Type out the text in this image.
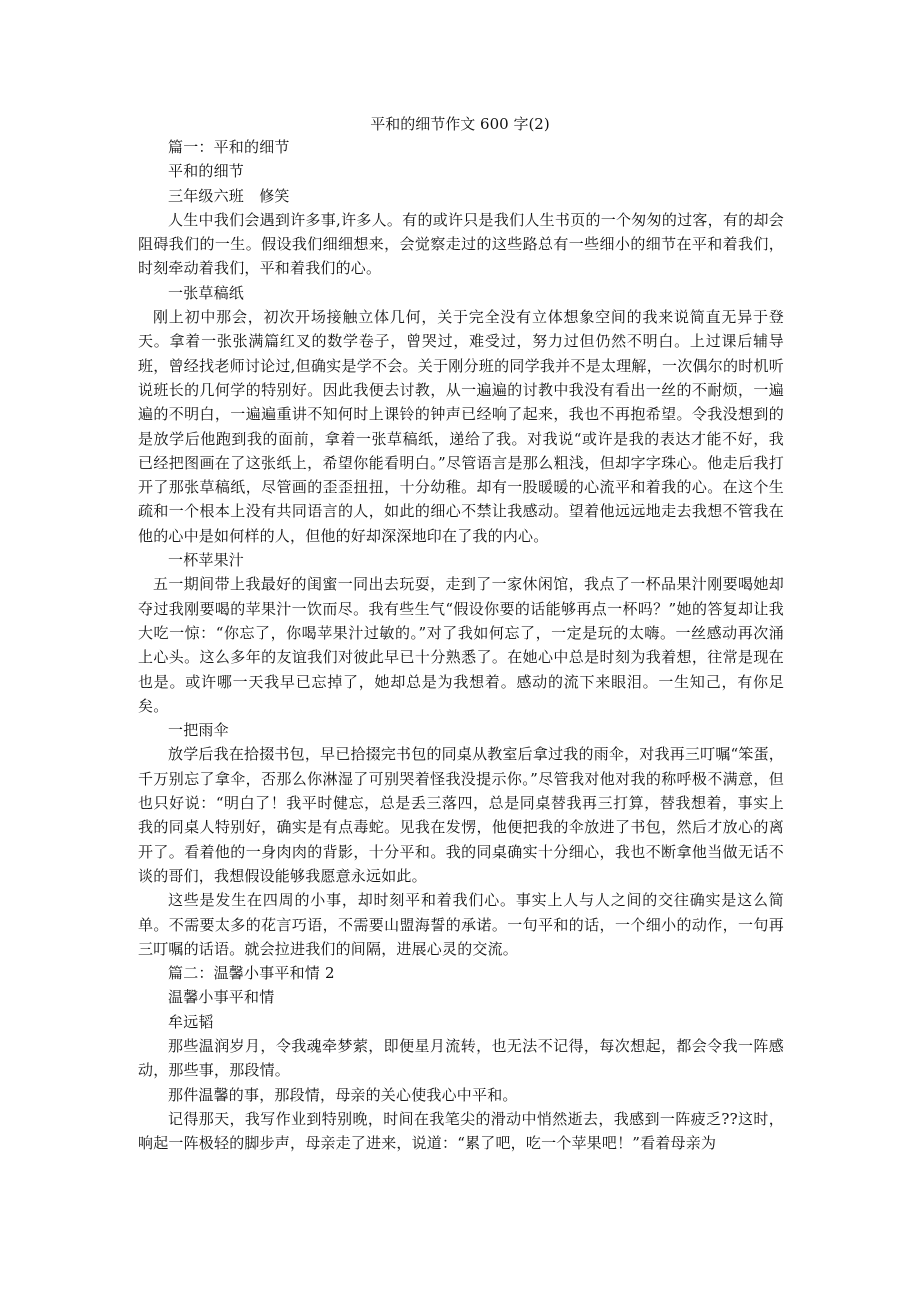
平和的细节作文 600 字(2)

篇一：平和的细节

平和的细节

三年级六班　修笑

人生中我们会遇到许多事,许多人。有的或许只是我们人生书页的一个匆匆的过客，有的却会阻碍我们的一生。假设我们细细想来，会觉察走过的这些路总有一些细小的细节在平和着我们，时刻牵动着我们，平和着我们的心。

一张草稿纸

刚上初中那会，初次开场接触立体几何，关于完全没有立体想象空间的我来说简直无异于登天。拿着一张张满篇红叉的数学卷子，曾哭过，难受过，努力过但仍然不明白。上过课后辅导班，曾经找老师讨论过,但确实是学不会。关于刚分班的同学我并不是太理解，一次偶尔的时机听说班长的几何学的特别好。因此我便去讨教，从一遍遍的讨教中我没有看出一丝的不耐烦，一遍遍的不明白，一遍遍重讲不知何时上课铃的钟声已经响了起来，我也不再抱希望。令我没想到的是放学后他跑到我的面前，拿着一张草稿纸，递给了我。对我说“或许是我的表达才能不好，我已经把图画在了这张纸上，希望你能看明白。”尽管语言是那么粗浅，但却字字珠心。他走后我打开了那张草稿纸，尽管画的歪歪扭扭，十分幼稚。却有一股暖暖的心流平和着我的心。在这个生疏和一个根本上没有共同语言的人，如此的细心不禁让我感动。望着他远远地走去我想不管我在他的心中是如何样的人，但他的好却深深地印在了我的内心。

一杯苹果汁

五一期间带上我最好的闺蜜一同出去玩耍，走到了一家休闲馆，我点了一杯品果汁刚要喝她却夺过我刚要喝的苹果汁一饮而尽。我有些生气“假设你要的话能够再点一杯吗？”她的答复却让我大吃一惊：“你忘了，你喝苹果汁过敏的。”对了我如何忘了，一定是玩的太嗨。一丝感动再次涌上心头。这么多年的友谊我们对彼此早已十分熟悉了。在她心中总是时刻为我着想，往常是现在也是。或许哪一天我早已忘掉了，她却总是为我想着。感动的流下来眼泪。一生知己，有你足矣。

一把雨伞

放学后我在拾掇书包，早已拾掇完书包的同桌从教室后拿过我的雨伞，对我再三叮嘱“笨蛋，千万别忘了拿伞，否那么你淋湿了可别哭着怪我没提示你。”尽管我对他对我的称呼极不满意，但也只好说：“明白了！我平时健忘，总是丢三落四，总是同桌替我再三打算，替我想着，事实上我的同桌人特别好，确实是有点毒蛇。见我在发愣，他便把我的伞放进了书包，然后才放心的离开了。看着他的一身肉肉的背影，十分平和。我的同桌确实十分细心，我也不断拿他当做无话不谈的哥们，我想假设能够我愿意永远如此。

这些是发生在四周的小事，却时刻平和着我们心。事实上人与人之间的交往确实是这么简单。不需要太多的花言巧语，不需要山盟海誓的承诺。一句平和的话，一个细小的动作，一句再三叮嘱的话语。就会拉进我们的间隔，进展心灵的交流。

篇二：温馨小事平和情 2

温馨小事平和情

牟远韬

那些温润岁月，令我魂牵梦萦，即便星月流转，也无法不记得，每次想起，都会令我一阵感动，那些事，那段情。

那件温馨的事，那段情，母亲的关心使我心中平和。

记得那天，我写作业到特别晚，时间在我笔尖的滑动中悄然逝去，我感到一阵疲乏??这时，响起一阵极轻的脚步声，母亲走了进来，说道：“累了吧，吃一个苹果吧！”看着母亲为
